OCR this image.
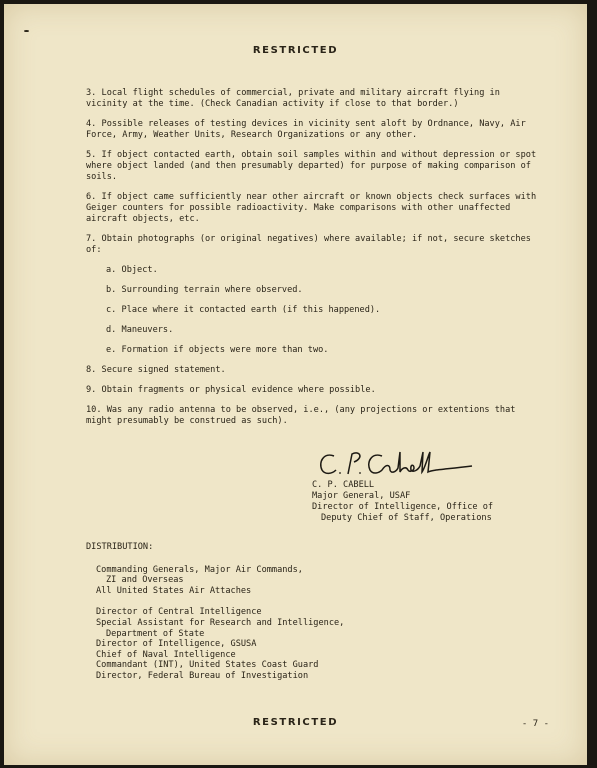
RESTRICTED

3. Local flight schedules of commercial, private and military aircraft flying in vicinity at the time. (Check Canadian activity if close to that border.)

4. Possible releases of testing devices in vicinity sent aloft by Ordnance, Navy, Air Force, Army, Weather Units, Research Organizations or any other.

5. If object contacted earth, obtain soil samples within and without depression or spot where object landed (and then presumably departed) for purpose of making comparison of soils.

6. If object came sufficiently near other aircraft or known objects check surfaces with Geiger counters for possible radioactivity. Make comparisons with other unaffected aircraft objects, etc.

7. Obtain photographs (or original negatives) where available; if not, secure sketches of:

a. Object.

b. Surrounding terrain where observed.

c. Place where it contacted earth (if this happened).

d. Maneuvers.

e. Formation if objects were more than two.

8. Secure signed statement.

9. Obtain fragments or physical evidence where possible.

10. Was any radio antenna to be observed, i.e., (any projections or extentions that might presumably be construed as such).

C. P. CABELL
Major General, USAF
Director of Intelligence, Office of
Deputy Chief of Staff, Operations
DISTRIBUTION:
Commanding Generals, Major Air Commands,
ZI and Overseas
All United States Air Attaches
Director of Central Intelligence
Special Assistant for Research and Intelligence,
Department of State
Director of Intelligence, GSUSA
Chief of Naval Intelligence
Commandant (INT), United States Coast Guard
Director, Federal Bureau of Investigation
RESTRICTED	- 7 -
